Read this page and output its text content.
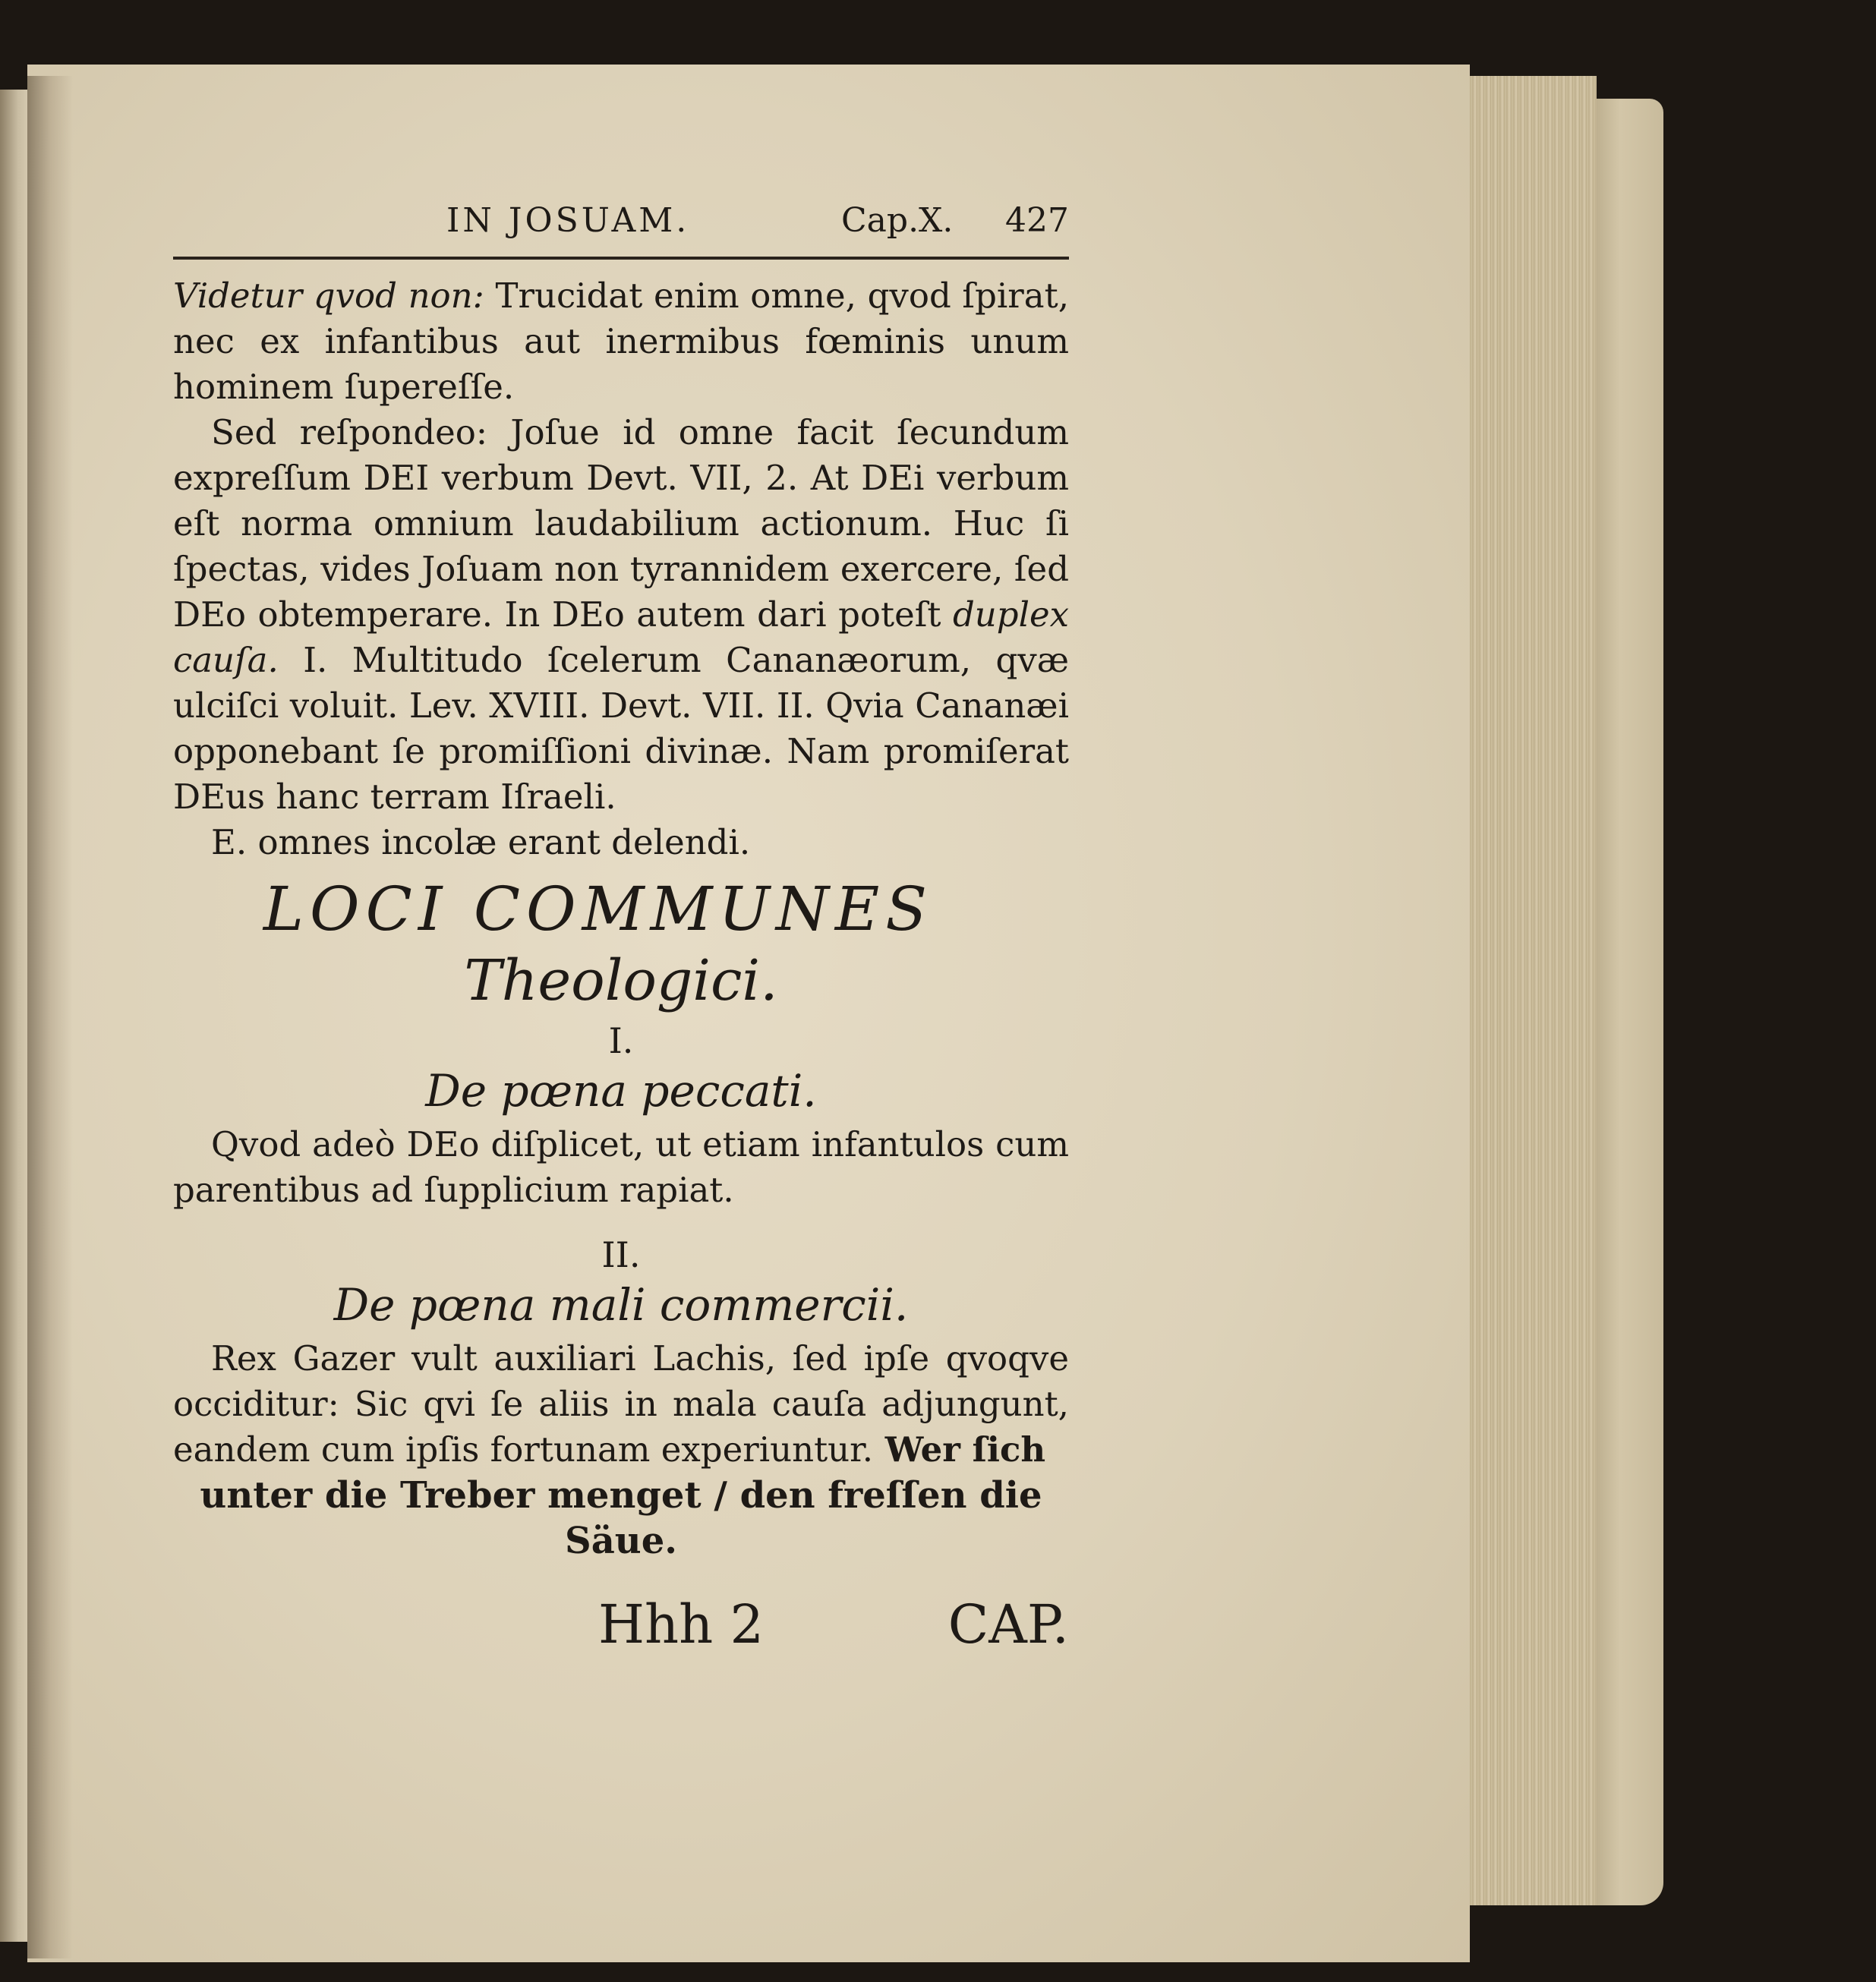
IN JOSUAM.	Cap.X. 427

Videtur qvod non: Trucidat enim omne, qvod ſpirat, nec ex infantibus aut inermibus fœminis unum hominem ſupereſſe.

Sed reſpondeo: Joſue id omne facit ſecundum expreſſum DEI verbum Devt. VII, 2. At DEi verbum eſt norma omnium laudabilium actionum. Huc ſi ſpectas, vides Joſuam non tyrannidem exercere, ſed DEo obtemperare. In DEo autem dari poteſt duplex cauſa. I. Multitudo ſcelerum Cananæorum, qvæ ulciſci voluit. Lev. XVIII. Devt. VII. II. Qvia Cananæi opponebant ſe promiſſioni divinæ. Nam promiſerat DEus hanc terram Iſraeli.

E. omnes incolæ erant delendi.

LOCI COMMUNES
Theologici.
I.
De pœna peccati.

Qvod adeò DEo diſplicet, ut etiam infantulos cum parentibus ad ſupplicium rapiat.

II.
De pœna mali commercii.

Rex Gazer vult auxiliari Lachis, ſed ipſe qvoqve occiditur: Sic qvi ſe aliis in mala cauſa adjungunt, eandem cum ipſis fortunam experiuntur. Wer ſich

unter die Treber menget / den freſſen die
Säue.
Hhh 2	CAP.
